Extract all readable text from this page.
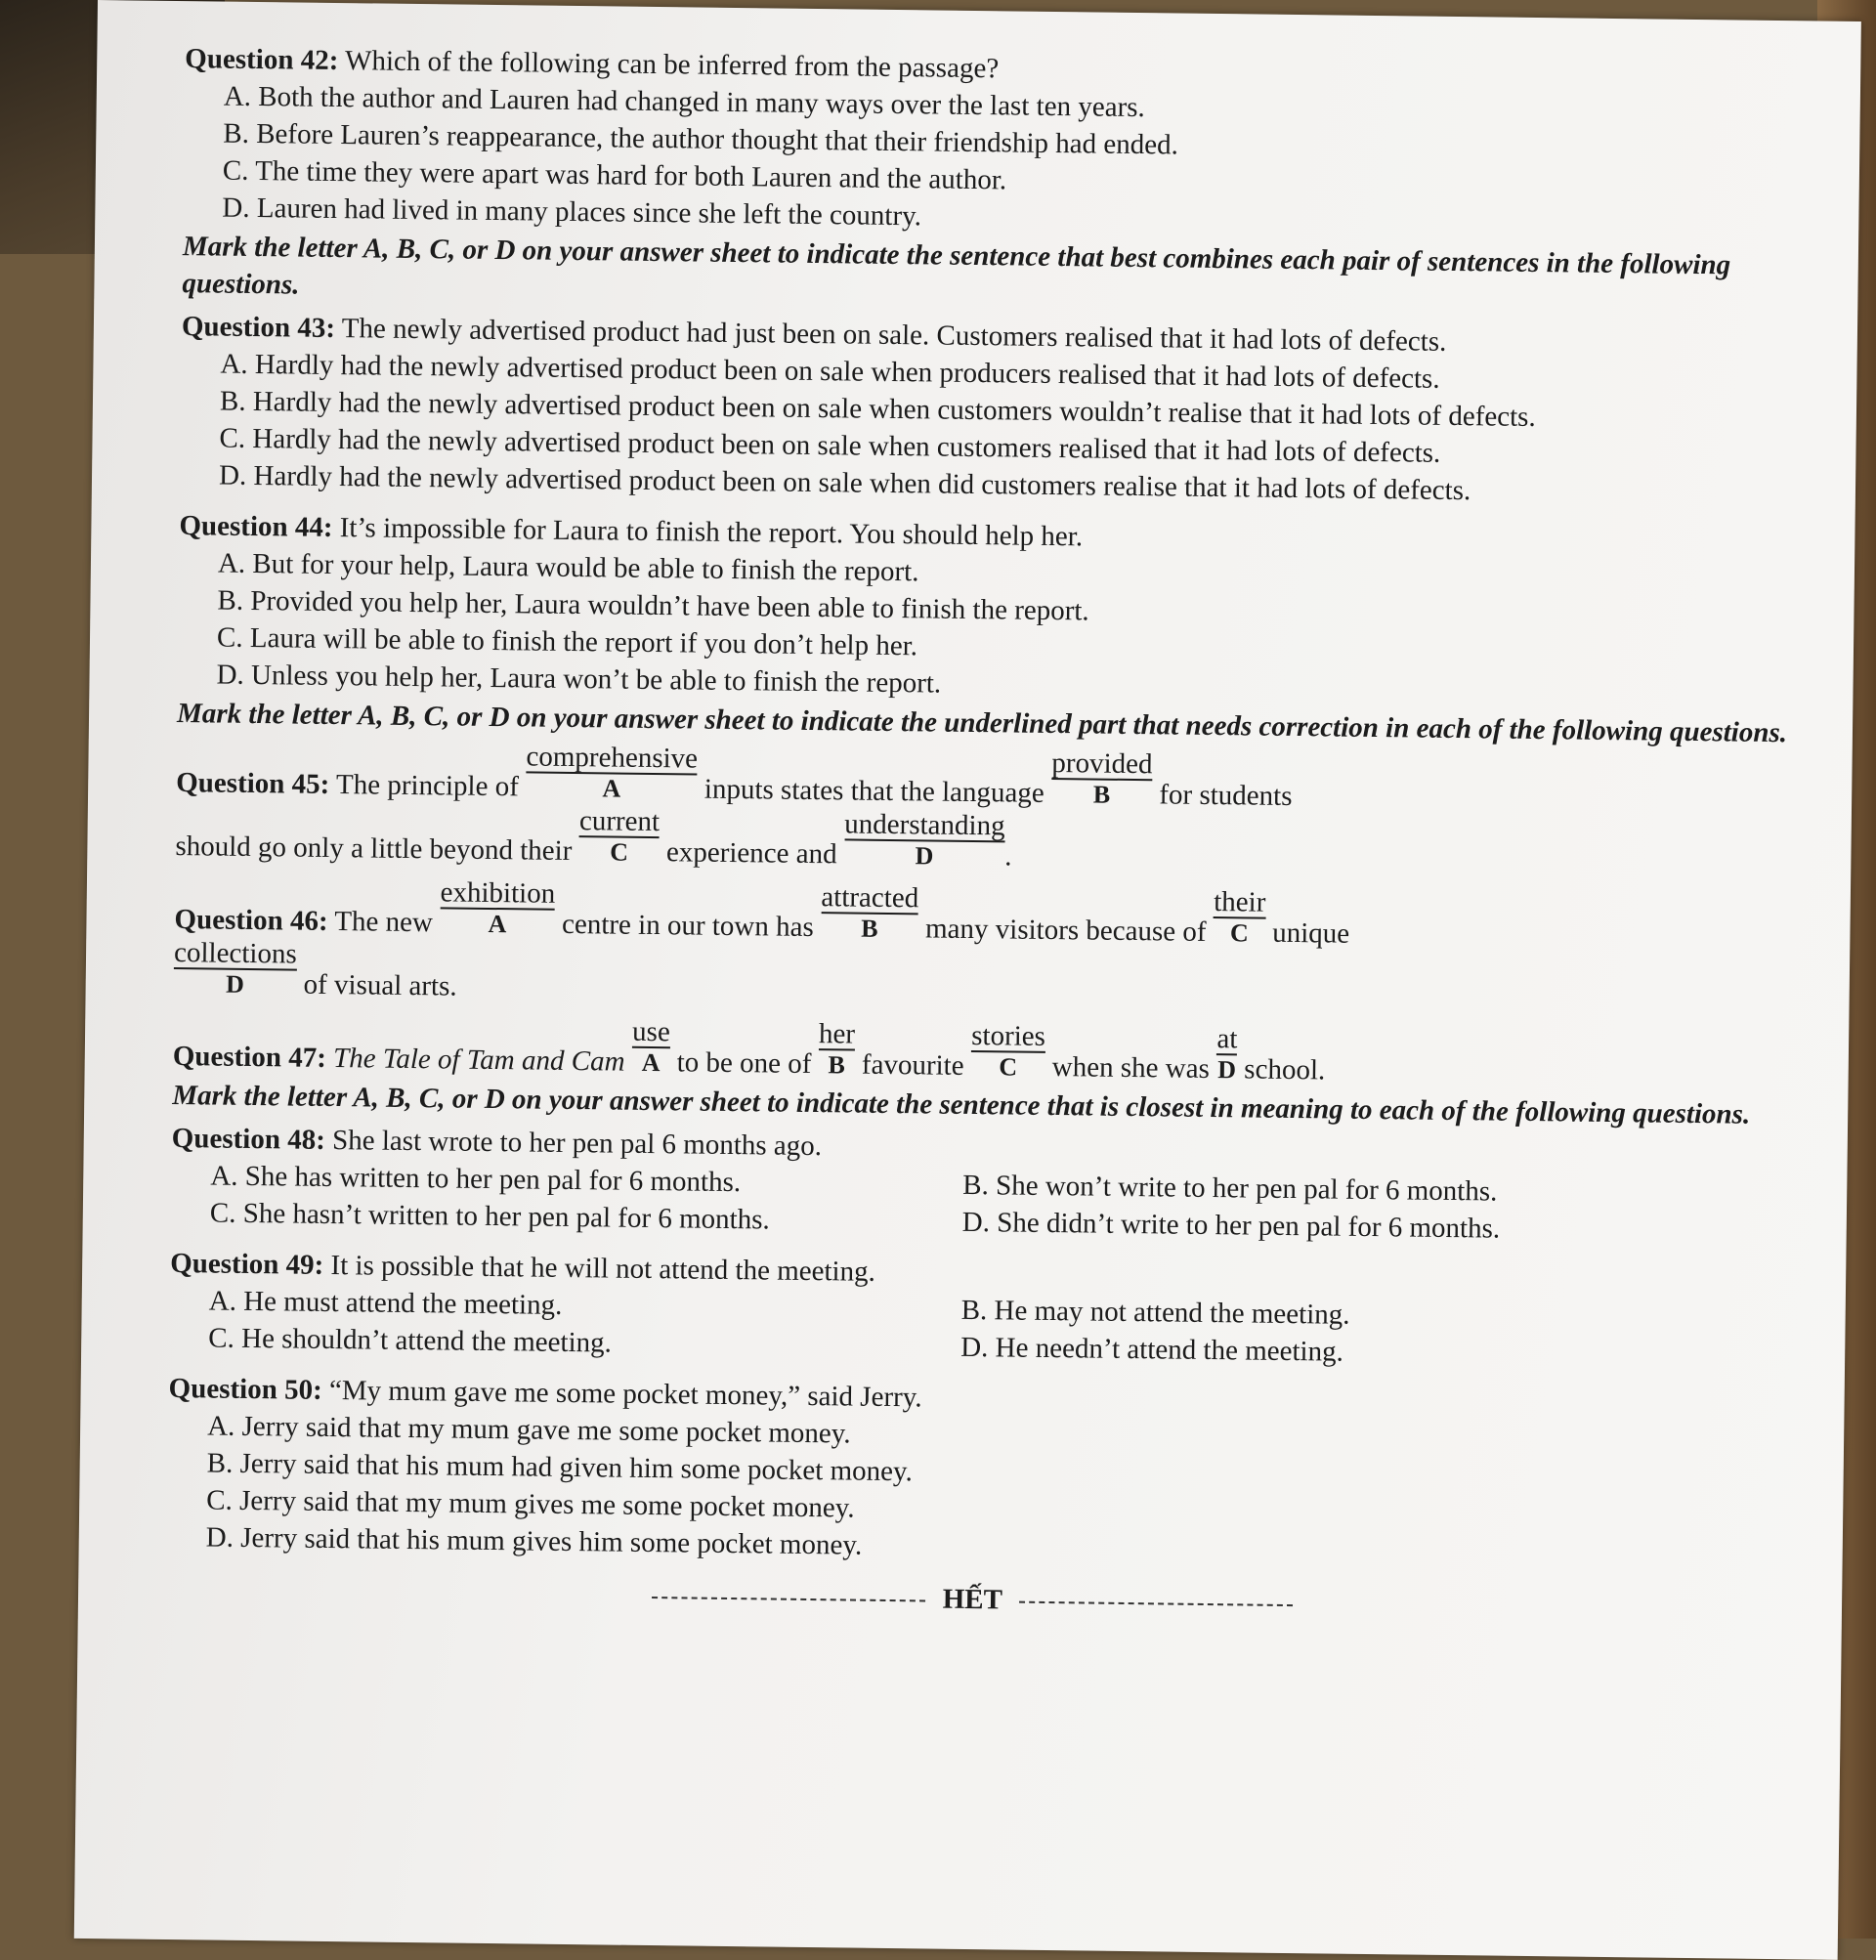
Question 42: Which of the following can be inferred from the passage?

A. Both the author and Lauren had changed in many ways over the last ten years.

B. Before Lauren’s reappearance, the author thought that their friendship had ended.

C. The time they were apart was hard for both Lauren and the author.

D. Lauren had lived in many places since she left the country.

Mark the letter A, B, C, or D on your answer sheet to indicate the sentence that best combines each pair of sentences in the following questions.

Question 43: The newly advertised product had just been on sale. Customers realised that it had lots of defects.

A. Hardly had the newly advertised product been on sale when producers realised that it had lots of defects.

B. Hardly had the newly advertised product been on sale when customers wouldn’t realise that it had lots of defects.

C. Hardly had the newly advertised product been on sale when customers realised that it had lots of defects.

D. Hardly had the newly advertised product been on sale when did customers realise that it had lots of defects.

Question 44: It’s impossible for Laura to finish the report. You should help her.

A. But for your help, Laura would be able to finish the report.

B. Provided you help her, Laura wouldn’t have been able to finish the report.

C. Laura will be able to finish the report if you don’t help her.

D. Unless you help her, Laura won’t be able to finish the report.

Mark the letter A, B, C, or D on your answer sheet to indicate the underlined part that needs correction in each of the following questions.

Question 45: The principle of
comprehensive
A	inputs states that the language
provided
B	for students

should go only a little beyond their
current
C	experience and
understanding
D	.

Question 46: The new
exhibition
A	centre in our town has
attracted
B	many visitors because of
their
C unique

collections
D	of visual arts.

Question 47: The Tale of Tam and Cam
use
A to be one of
her
B favourite
stories
C	when she was $\frac{at}{D}$ school.

Mark the letter A, B, C, or D on your answer sheet to indicate the sentence that is closest in meaning to each of the following questions.

Question 48: She last wrote to her pen pal 6 months ago.

A. She has written to her pen pal for 6 months.	B. She won’t write to her pen pal for 6 months.
C. She hasn’t written to her pen pal for 6 months.	D. She didn’t write to her pen pal for 6 months.

Question 49: It is possible that he will not attend the meeting.

A. He must attend the meeting.	B. He may not attend the meeting.
C. He shouldn’t attend the meeting.	D. He needn’t attend the meeting.

Question 50: “My mum gave me some pocket money,” said Jerry.

A. Jerry said that my mum gave me some pocket money.

B. Jerry said that his mum had given him some pocket money.

C. Jerry said that my mum gives me some pocket money.

D. Jerry said that his mum gives him some pocket money.

HẾT
